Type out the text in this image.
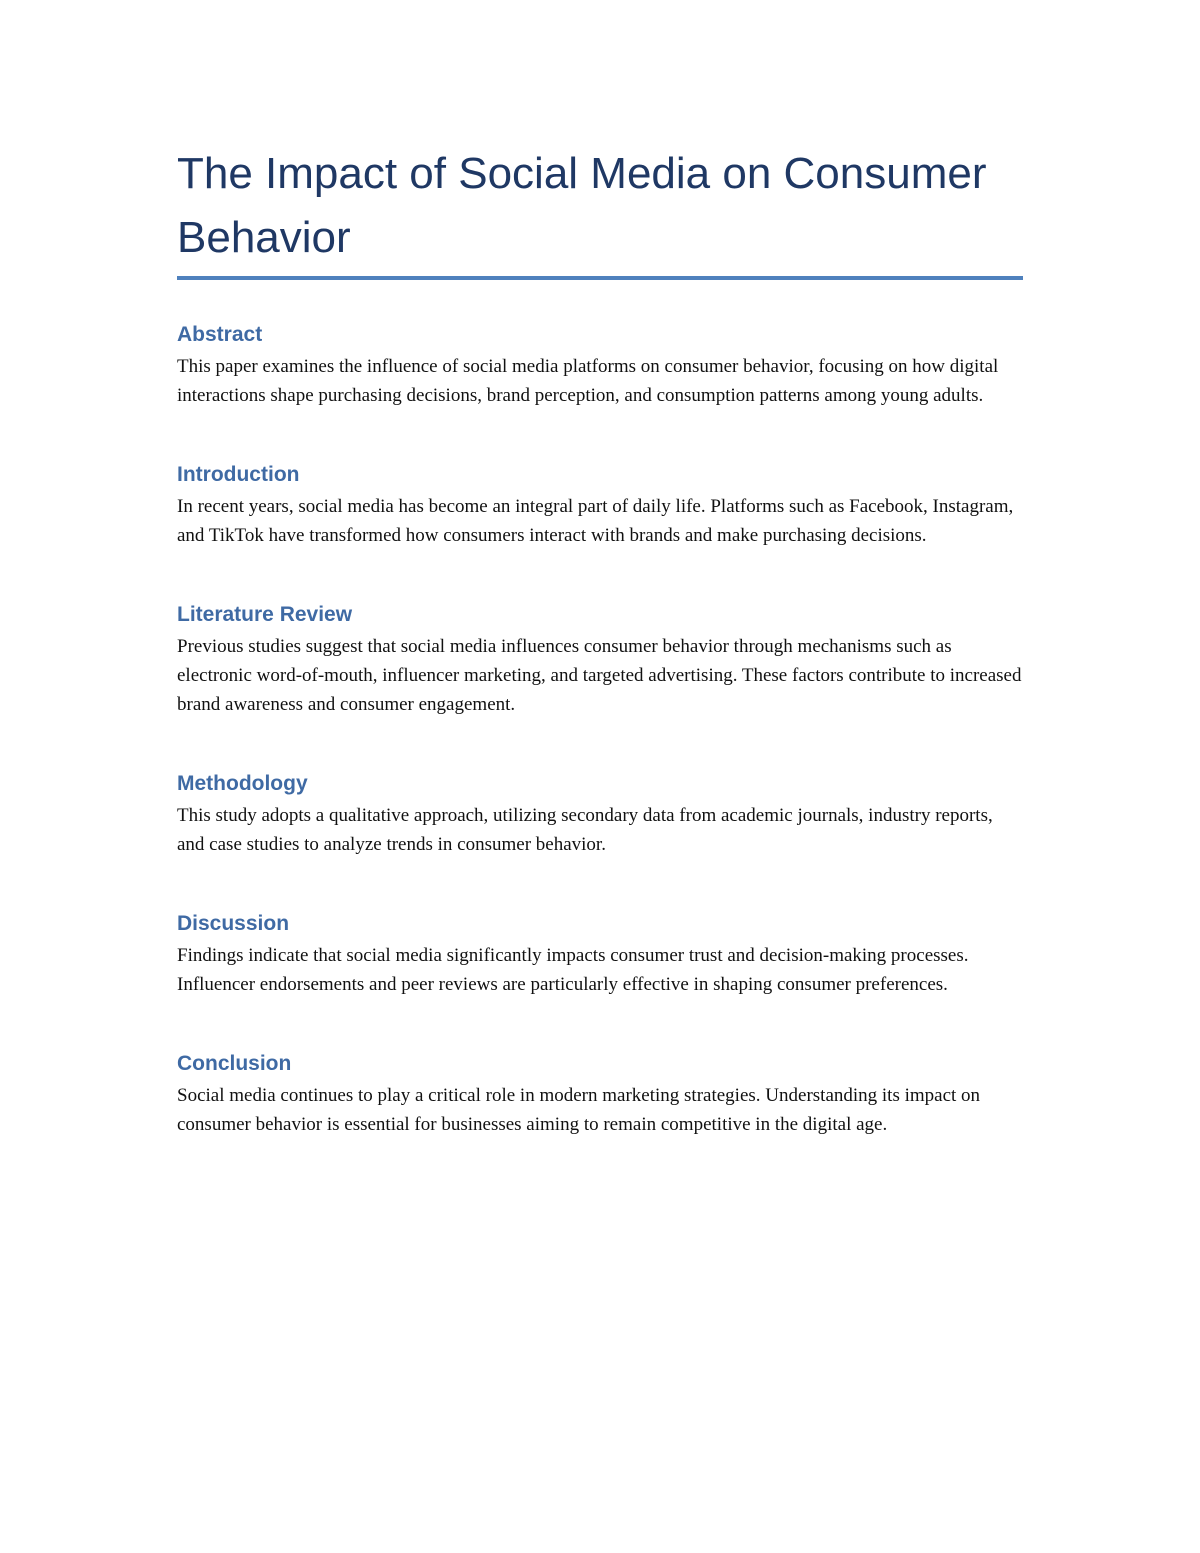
The Impact of Social Media on Consumer Behavior
Abstract

This paper examines the influence of social media platforms on consumer behavior, focusing on how digital interactions shape purchasing decisions, brand perception, and consumption patterns among young adults.

Introduction

In recent years, social media has become an integral part of daily life. Platforms such as Facebook, Instagram, and TikTok have transformed how consumers interact with brands and make purchasing decisions.

Literature Review

Previous studies suggest that social media influences consumer behavior through mechanisms such as electronic word-of-mouth, influencer marketing, and targeted advertising. These factors contribute to increased brand awareness and consumer engagement.

Methodology

This study adopts a qualitative approach, utilizing secondary data from academic journals, industry reports, and case studies to analyze trends in consumer behavior.

Discussion

Findings indicate that social media significantly impacts consumer trust and decision-making processes. Influencer endorsements and peer reviews are particularly effective in shaping consumer preferences.

Conclusion

Social media continues to play a critical role in modern marketing strategies. Understanding its impact on consumer behavior is essential for businesses aiming to remain competitive in the digital age.
